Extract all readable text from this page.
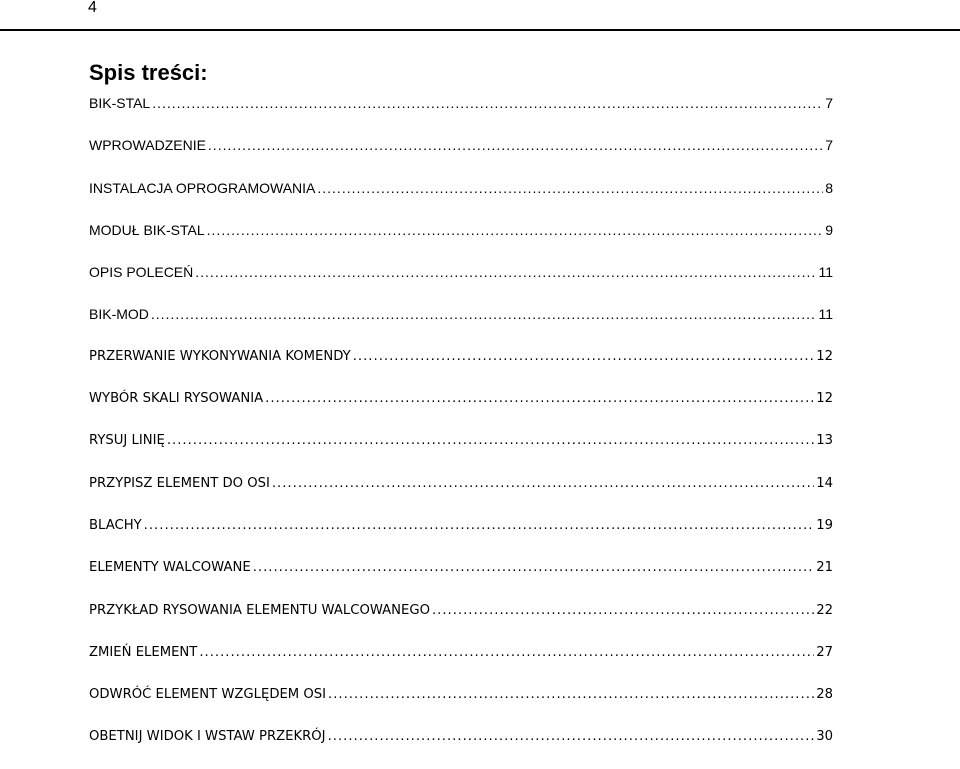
4
Spis treści:
BIK-STAL .....	7
WPROWADZENIE .....	7
INSTALACJA OPROGRAMOWANIA .....	8
MODUŁ BIK-STAL .....	9
OPIS POLECEŃ .....	11
BIK-MOD .....	11
PRZERWANIE WYKONYWANIA KOMENDY .....	12
WYBÓR SKALI RYSOWANIA .....	12
RYSUJ LINIĘ .....	13
PRZYPISZ ELEMENT DO OSI .....	14
BLACHY .....	19
ELEMENTY WALCOWANE .....	21
PRZYKŁAD RYSOWANIA ELEMENTU WALCOWANEGO .....	22
ZMIEŃ ELEMENT .....	27
ODWRÓĆ ELEMENT WZGLĘDEM OSI .....	28
OBETNIJ WIDOK I WSTAW PRZEKRÓJ .....	30
